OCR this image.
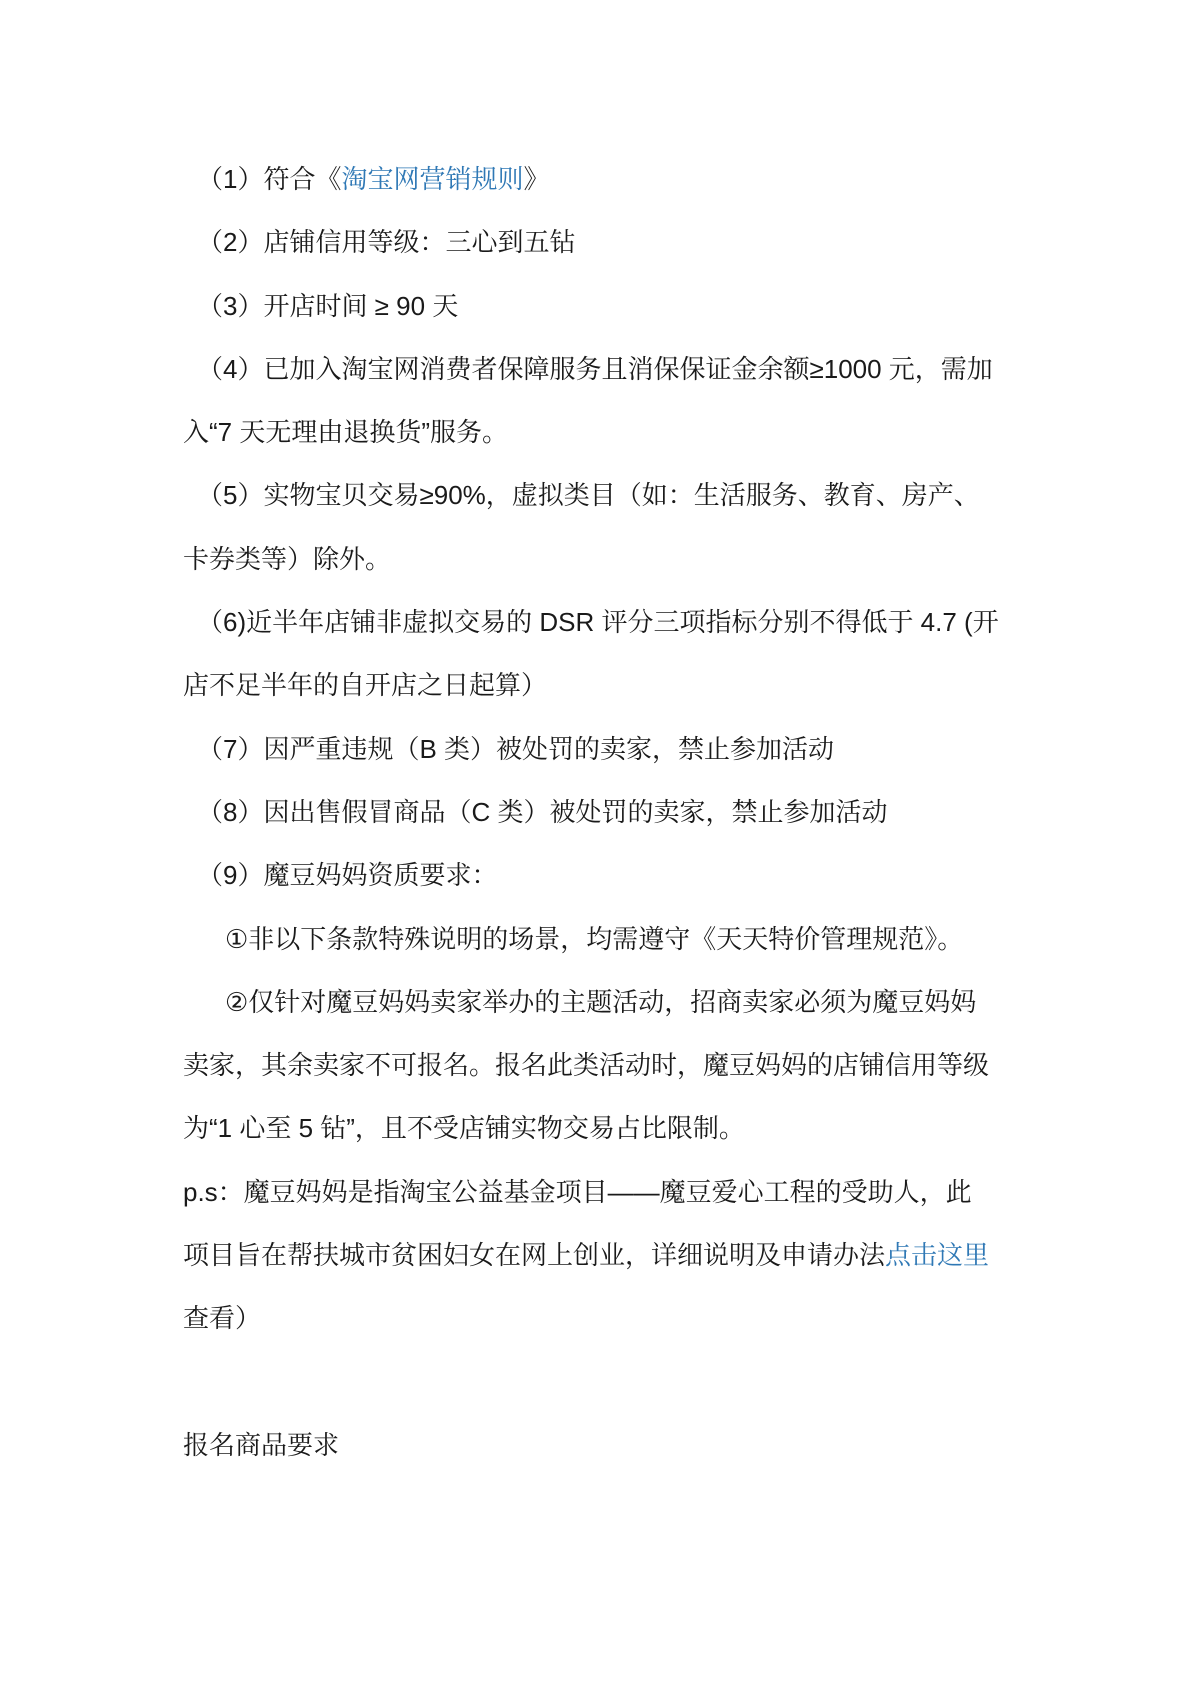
（1）符合《淘宝网营销规则》
（2）店铺信用等级：三心到五钻
（3）开店时间 ≥ 90 天
（4）已加入淘宝网消费者保障服务且消保保证金余额≥1000 元，需加
入“7 天无理由退换货”服务。
（5）实物宝贝交易≥90%，虚拟类目（如：生活服务、教育、房产、
卡券类等）除外。
（6)近半年店铺非虚拟交易的 DSR 评分三项指标分别不得低于 4.7 (开
店不足半年的自开店之日起算）
（7）因严重违规（B 类）被处罚的卖家，禁止参加活动
（8）因出售假冒商品（C 类）被处罚的卖家，禁止参加活动
（9）魔豆妈妈资质要求：
①非以下条款特殊说明的场景，均需遵守《天天特价管理规范》。
②仅针对魔豆妈妈卖家举办的主题活动，招商卖家必须为魔豆妈妈
卖家，其余卖家不可报名。报名此类活动时，魔豆妈妈的店铺信用等级
为“1 心至 5 钻”，且不受店铺实物交易占比限制。
p.s：魔豆妈妈是指淘宝公益基金项目——魔豆爱心工程的受助人，此
项目旨在帮扶城市贫困妇女在网上创业，详细说明及申请办法点击这里
查看）
报名商品要求
